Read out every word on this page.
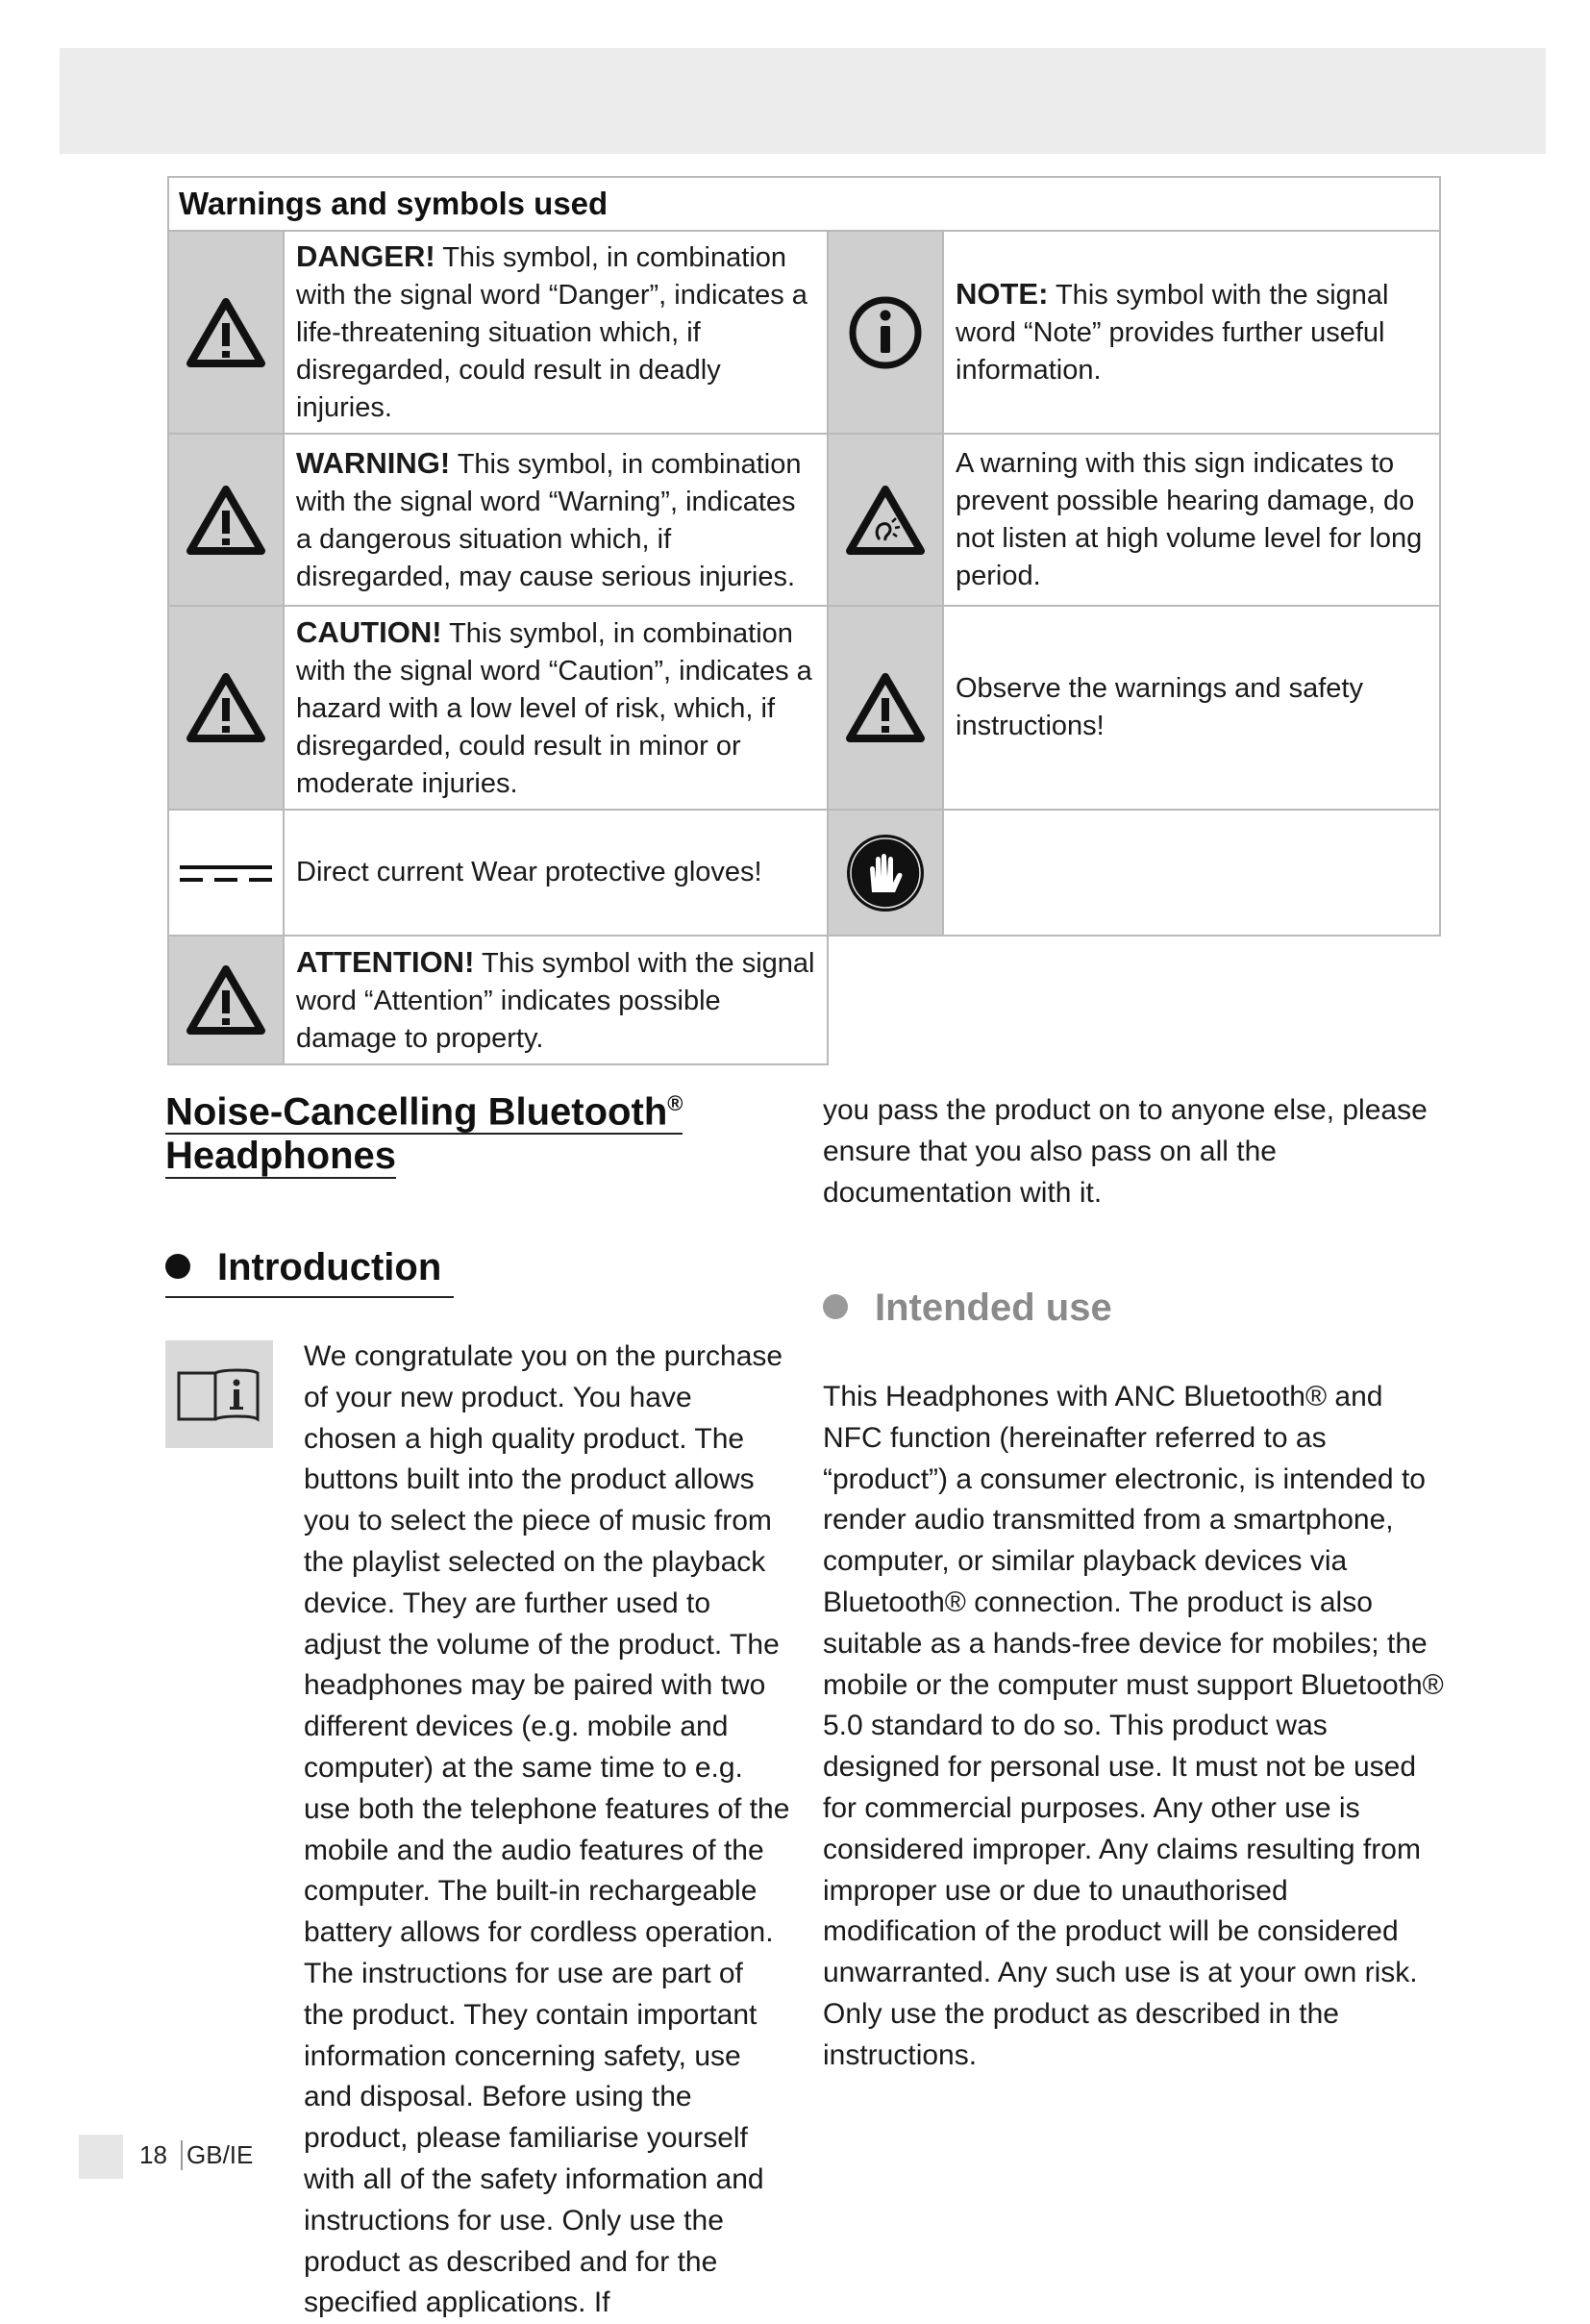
Warnings and symbols used			

	DANGER! This symbol, in combination with the signal word “Danger”, indicates a life-threatening situation which, if disregarded, could result in deadly injuries.		NOTE: This symbol with the signal word “Note” provides further useful information.

	WARNING! This symbol, in combination with the signal word “Warning”, indicates a dangerous situation which, if disregarded, may cause serious injuries.		A warning with this sign indicates to prevent possible hearing damage, do not listen at high volume level for long period.

	CAUTION! This symbol, in combination with the signal word “Caution”, indicates a hazard with a low level of risk, which, if disregarded, could result in minor or moderate injuries.		Observe the warnings and safety instructions!

	Direct current Wear protective gloves!	

	ATTENTION! This symbol with the signal word “Attention” indicates possible damage to property.		
Noise-Cancelling Bluetooth®
Headphones
Introduction

We congratulate you on the purchase of your new product. You have chosen a high quality product. The buttons built into the product allows you to select the piece of music from the playlist selected on the playback device. They are further used to adjust the volume of the product. The headphones may be paired with two different devices (e.g. mobile and computer) at the same time to e.g. use both the telephone features of the mobile and the audio features of the computer. The built-in rechargeable battery allows for cordless operation. The instructions for use are part of the product. They contain important information concerning safety, use and disposal. Before using the product, please familiarise yourself with all of the safety information and instructions for use. Only use the product as described and for the specified applications. If

you pass the product on to anyone else, please ensure that you also pass on all the documentation with it.
Intended use
This Headphones with ANC Bluetooth® and NFC function (hereinafter referred to as “product”) a consumer electronic, is intended to render audio transmitted from a smartphone, computer, or similar playback devices via Bluetooth® connection. The product is also suitable as a hands-free device for mobiles; the mobile or the computer must support Bluetooth® 5.0 standard to do so. This product was designed for personal use. It must not be used for commercial purposes. Any other use is considered improper. Any claims resulting from improper use or due to unauthorised modification of the product will be considered unwarranted. Any such use is at your own risk. Only use the product as described in the instructions.
18 GB/IE
